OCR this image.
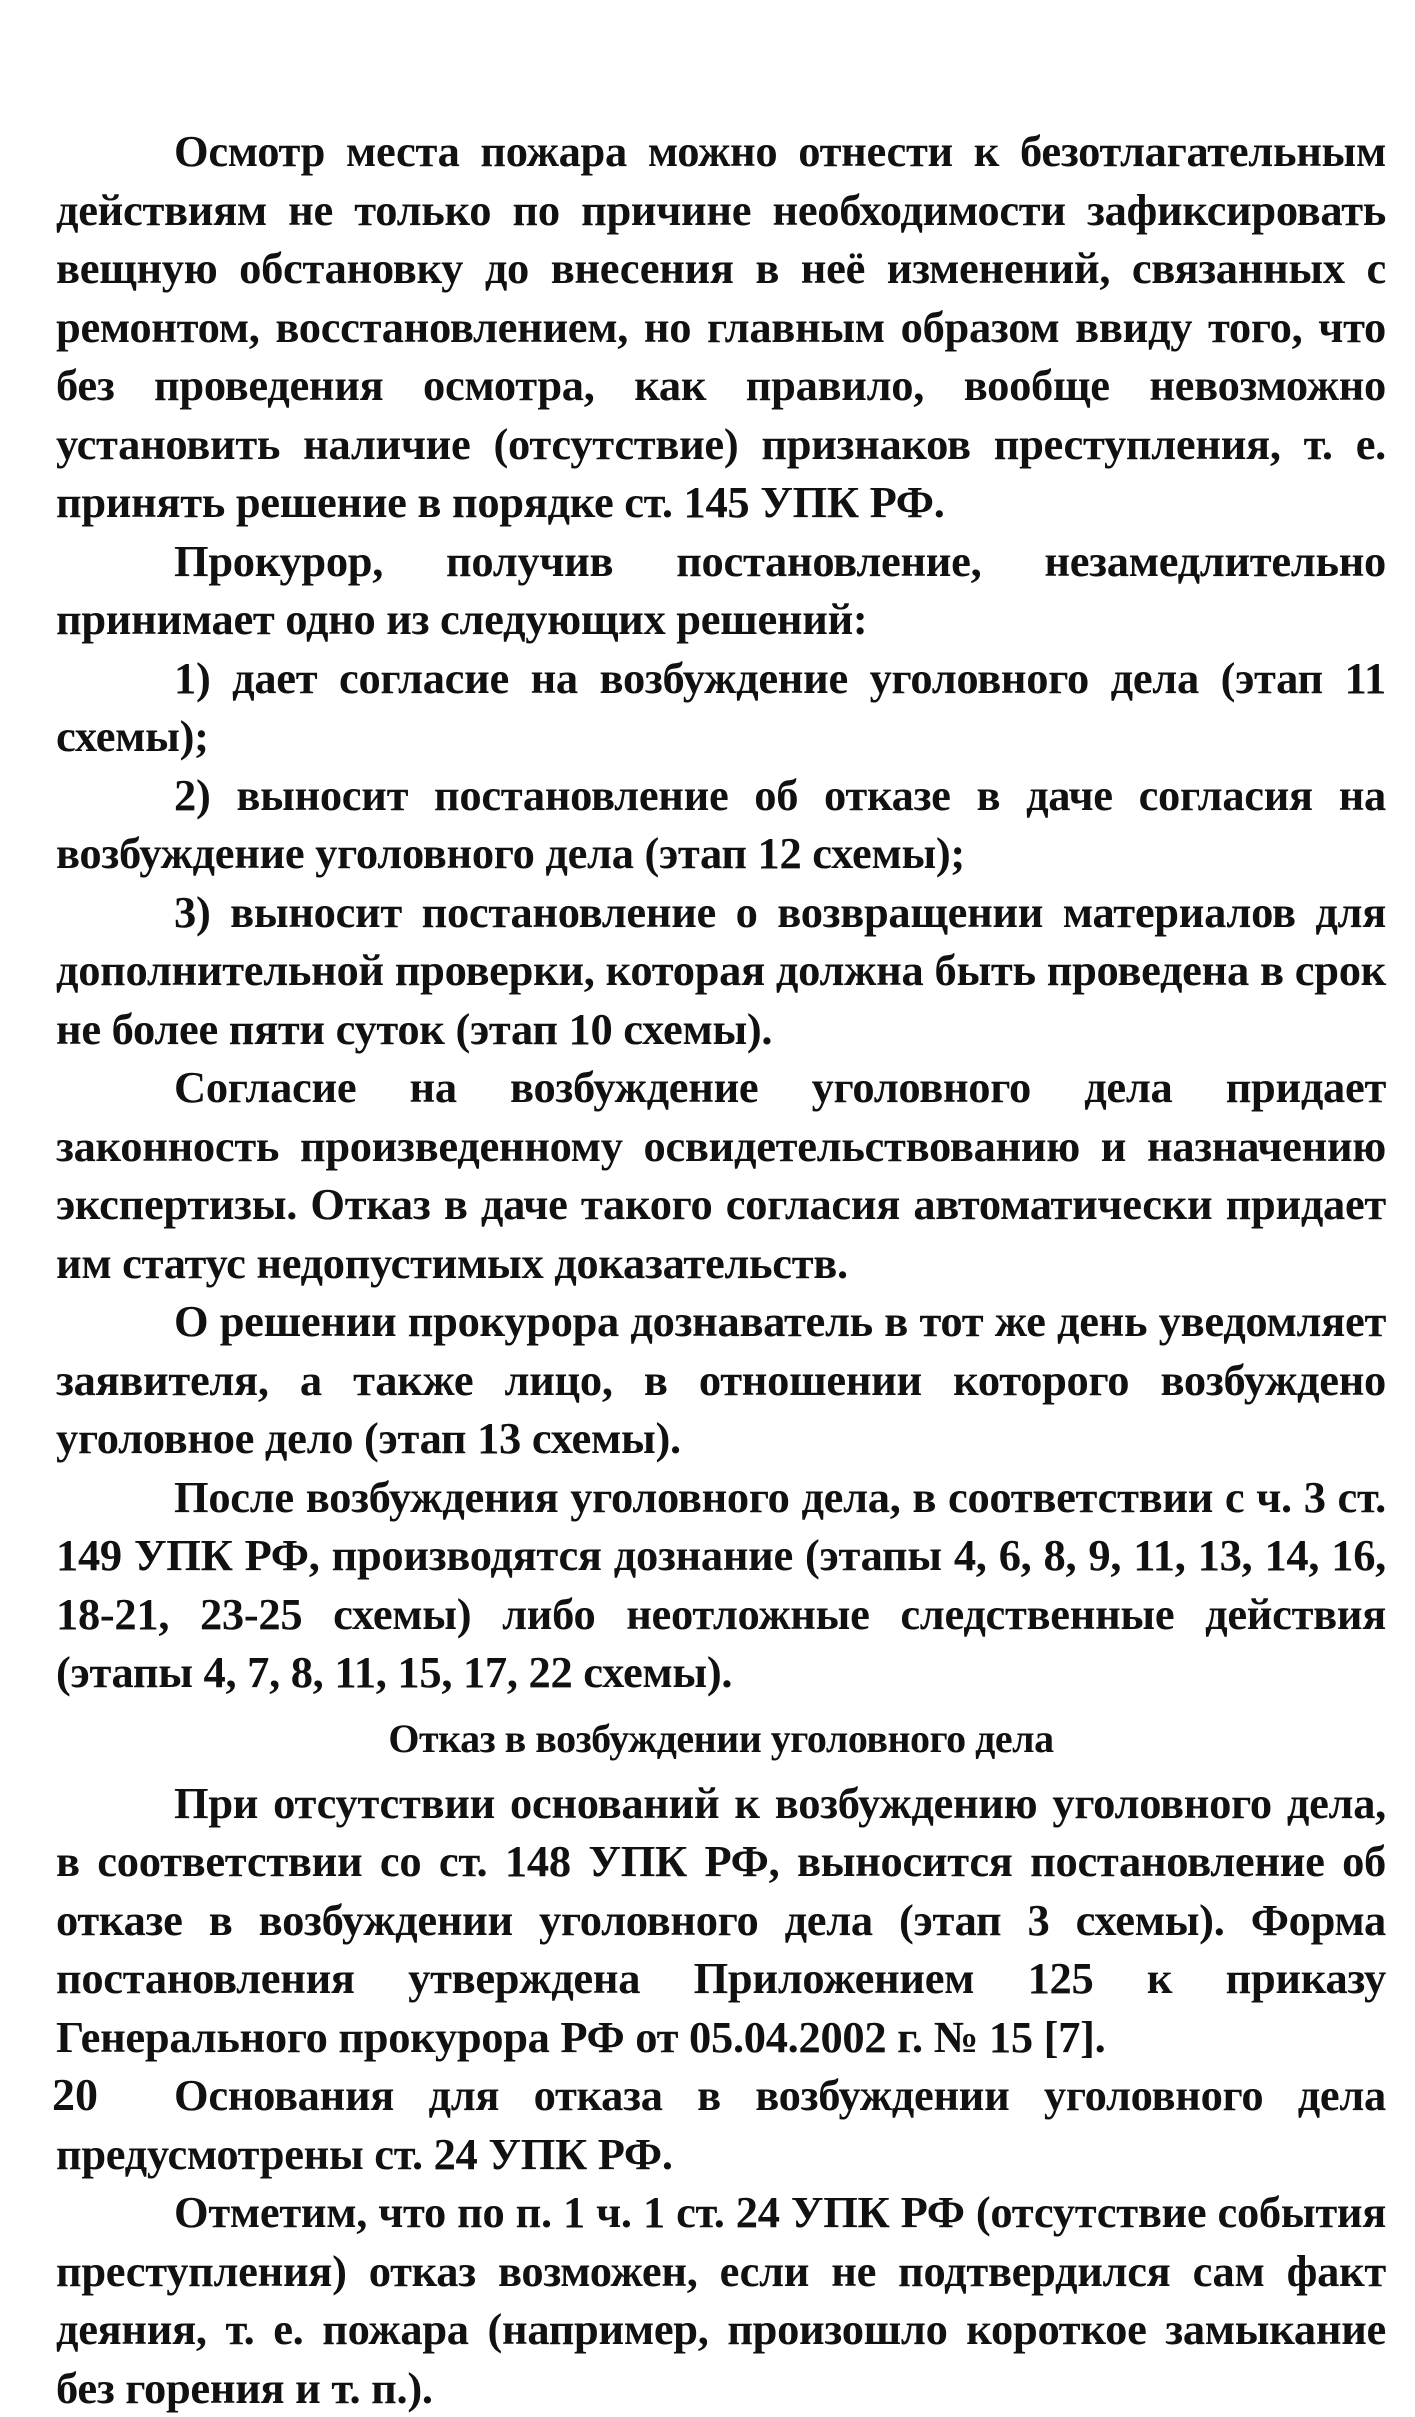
Осмотр места пожара можно отнести к безотлагательным действиям не только по причине необходимости зафиксировать вещную обстановку до внесения в неё изменений, связанных с ремонтом, восстановлением, но главным образом ввиду того, что без проведения осмотра, как правило, вообще невозможно установить наличие (отсутствие) признаков преступления, т. е. принять решение в порядке ст. 145 УПК РФ.

Прокурор, получив постановление, незамедлительно принимает одно из следующих решений:

1) дает согласие на возбуждение уголовного дела (этап 11 схемы);

2) выносит постановление об отказе в даче согласия на возбуждение уголовного дела (этап 12 схемы);

3) выносит постановление о возвращении материалов для дополнительной проверки, которая должна быть проведена в срок не более пяти суток (этап 10 схемы).

Согласие на возбуждение уголовного дела придает законность произведенному освидетельствованию и назначению экспертизы. Отказ в даче такого согласия автоматически придает им статус недопустимых доказательств.

О решении прокурора дознаватель в тот же день уведомляет заявителя, а также лицо, в отношении которого возбуждено уголовное дело (этап 13 схемы).

После возбуждения уголовного дела, в соответствии с ч. 3 ст. 149 УПК РФ, производятся дознание (этапы 4, 6, 8, 9, 11, 13, 14, 16, 18-21, 23-25 схемы) либо неотложные следственные действия (этапы 4, 7, 8, 11, 15, 17, 22 схемы).

Отказ в возбуждении уголовного дела

При отсутствии оснований к возбуждению уголовного дела, в соответствии со ст. 148 УПК РФ, выносится постановление об отказе в возбуждении уголовного дела (этап 3 схемы). Форма постановления утверждена Приложением 125 к приказу Генерального прокурора РФ от 05.04.2002 г. № 15 [7].

Основания для отказа в возбуждении уголовного дела предусмотрены ст. 24 УПК РФ.

Отметим, что по п. 1 ч. 1 ст. 24 УПК РФ (отсутствие события преступления) отказ возможен, если не подтвердился сам факт деяния, т. е. пожара (например, произошло короткое замыкание без горения и т. п.).

20
